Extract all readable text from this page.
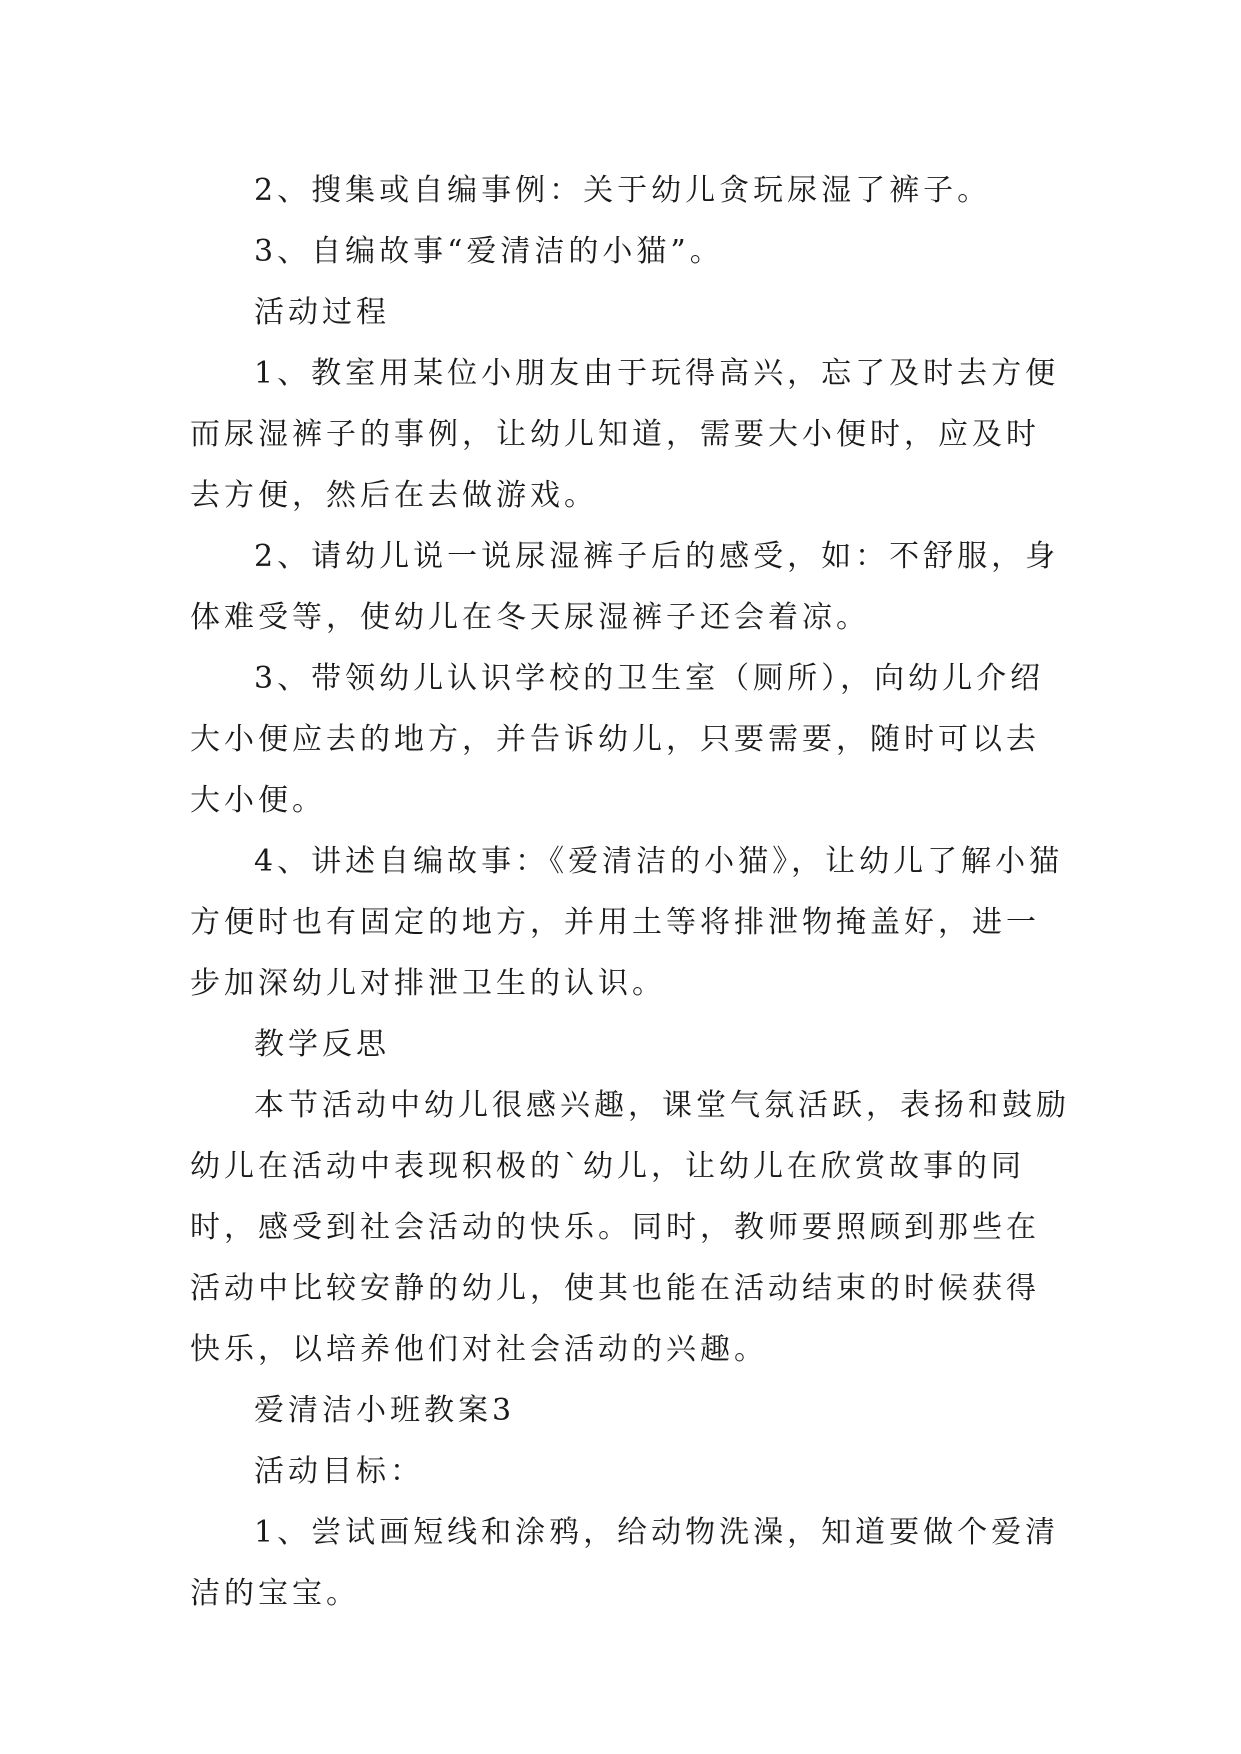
2、搜集或自编事例：关于幼儿贪玩尿湿了裤子。

3、自编故事“爱清洁的小猫”。

活动过程

1、教室用某位小朋友由于玩得高兴，忘了及时去方便而尿湿裤子的事例，让幼儿知道，需要大小便时，应及时去方便，然后在去做游戏。

2、请幼儿说一说尿湿裤子后的感受，如：不舒服，身体难受等，使幼儿在冬天尿湿裤子还会着凉。

3、带领幼儿认识学校的卫生室（厕所），向幼儿介绍大小便应去的地方，并告诉幼儿，只要需要，随时可以去大小便。

4、讲述自编故事：《爱清洁的小猫》，让幼儿了解小猫方便时也有固定的地方，并用土等将排泄物掩盖好，进一步加深幼儿对排泄卫生的认识。

教学反思

本节活动中幼儿很感兴趣，课堂气氛活跃，表扬和鼓励幼儿在活动中表现积极的`幼儿，让幼儿在欣赏故事的同时，感受到社会活动的快乐。同时，教师要照顾到那些在活动中比较安静的幼儿，使其也能在活动结束的时候获得快乐，以培养他们对社会活动的兴趣。

爱清洁小班教案3

活动目标：

1、尝试画短线和涂鸦，给动物洗澡，知道要做个爱清洁的宝宝。
